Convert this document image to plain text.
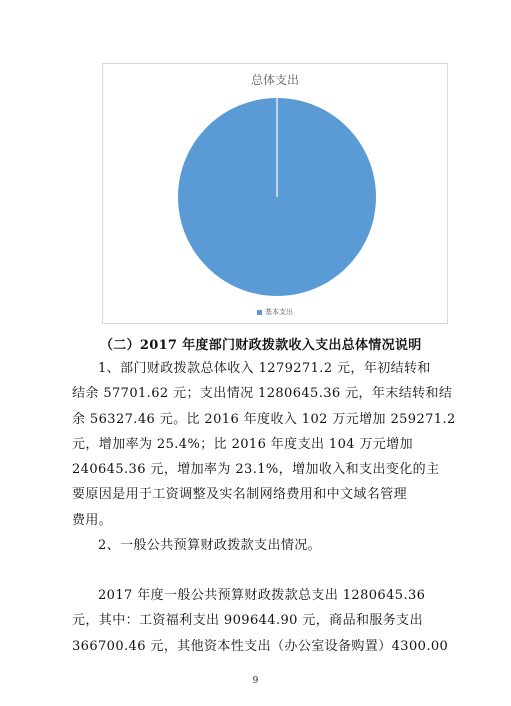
总体支出
基本支出
（二）2017 年度部门财政拨款收入支出总体情况说明
1、部门财政拨款总体收入 1279271.2 元，年初结转和
结余 57701.62 元；支出情况 1280645.36 元，年末结转和结
余 56327.46 元。比 2016 年度收入 102 万元增加 259271.2
元，增加率为 25.4%；比 2016 年度支出 104 万元增加
240645.36 元，增加率为 23.1%，增加收入和支出变化的主
要原因是用于工资调整及实名制网络费用和中文域名管理
费用。
2、一般公共预算财政拨款支出情况。
2017 年度一般公共预算财政拨款总支出 1280645.36
元，其中：工资福利支出 909644.90 元，商品和服务支出
366700.46 元，其他资本性支出（办公室设备购置）4300.00
9
